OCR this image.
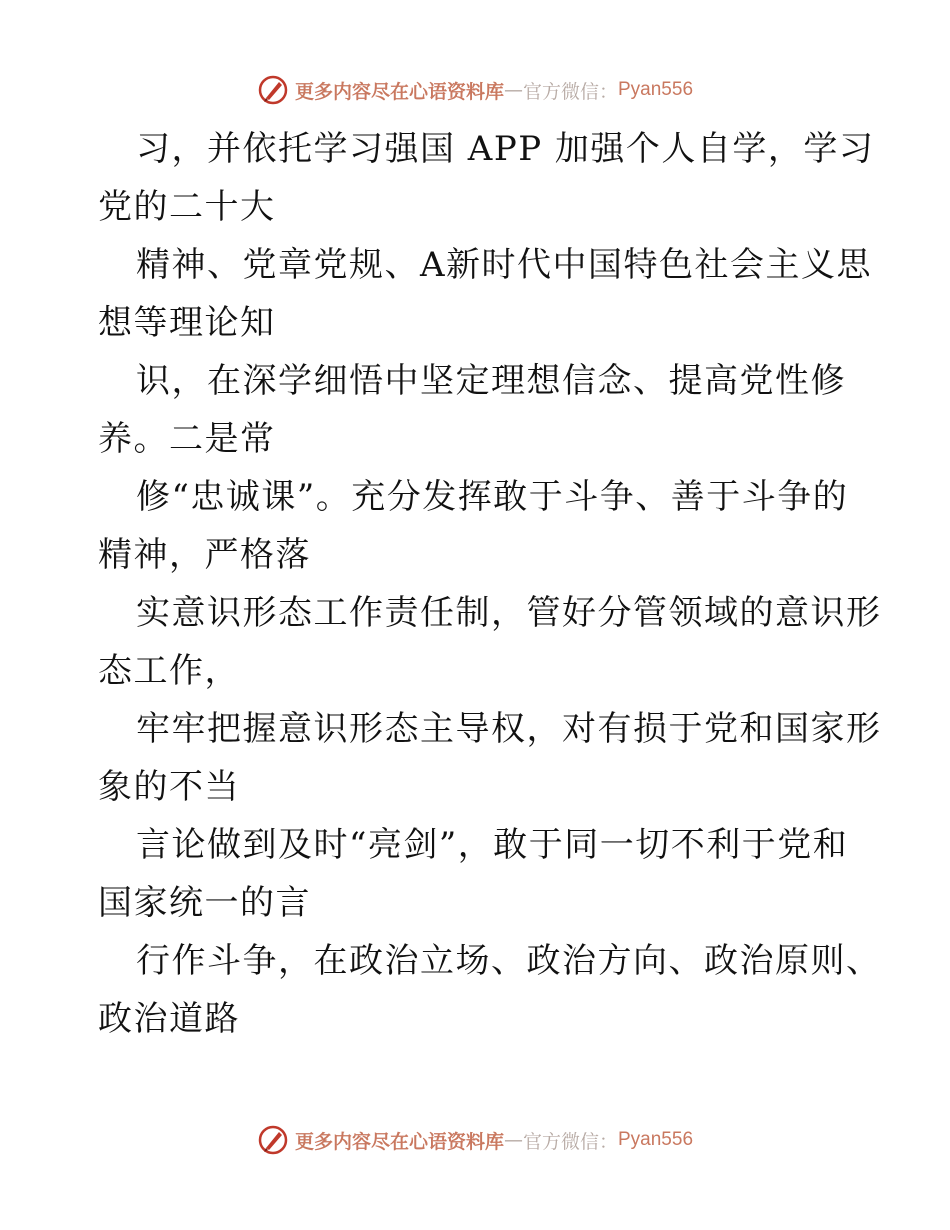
更多内容尽在心语资料库 — 官方微信： Pyan556

习，并依托学习强国 APP 加强个人自学，学习
党的二十大

精神、党章党规、A新时代中国特色社会主义思
想等理论知

识，在深学细悟中坚定理想信念、提高党性修
养。二是常

修“忠诚课”。充分发挥敢于斗争、善于斗争的
精神，严格落

实意识形态工作责任制，管好分管领域的意识形
态工作，

牢牢把握意识形态主导权，对有损于党和国家形
象的不当

言论做到及时“亮剑”，敢于同一切不利于党和
国家统一的言

行作斗争，在政治立场、政治方向、政治原则、
政治道路

更多内容尽在心语资料库 — 官方微信： Pyan556
